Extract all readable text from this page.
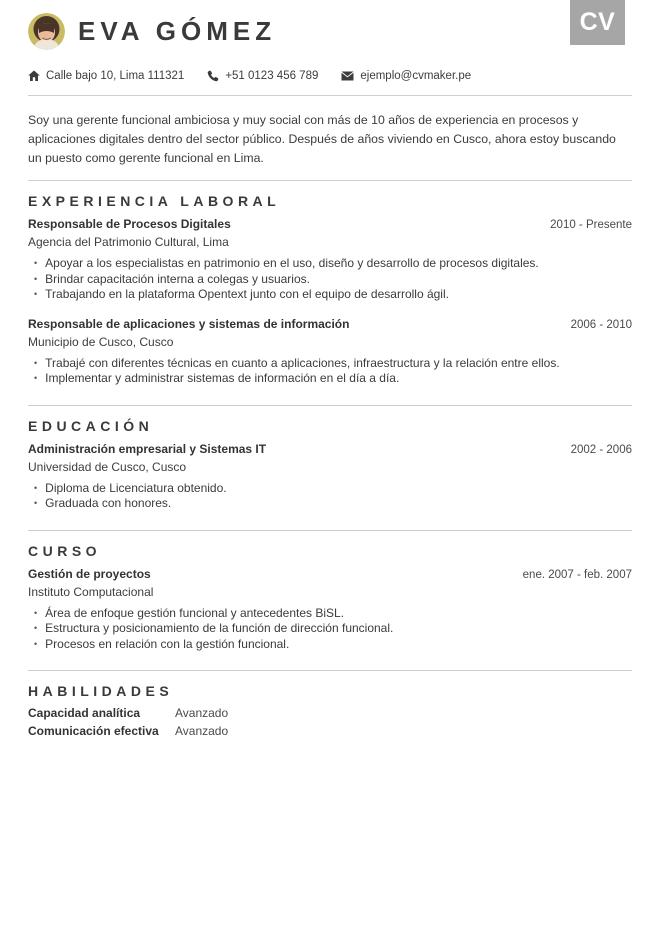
CV
EVA GÓMEZ
Calle bajo 10, Lima 111321	+51 0123 456 789	ejemplo@cvmaker.pe

Soy una gerente funcional ambiciosa y muy social con más de 10 años de experiencia en procesos y aplicaciones digitales dentro del sector público. Después de años viviendo en Cusco, ahora estoy buscando un puesto como gerente funcional en Lima.

EXPERIENCIA LABORAL
Responsable de Procesos Digitales	2010 - Presente
Agencia del Patrimonio Cultural, Lima
• Apoyar a los especialistas en patrimonio en el uso, diseño y desarrollo de procesos digitales.
• Brindar capacitación interna a colegas y usuarios.
• Trabajando en la plataforma Opentext junto con el equipo de desarrollo ágil.
Responsable de aplicaciones y sistemas de información	2006 - 2010
Municipio de Cusco, Cusco
• Trabajé con diferentes técnicas en cuanto a aplicaciones, infraestructura y la relación entre ellos.
• Implementar y administrar sistemas de información en el día a día.
EDUCACIÓN
Administración empresarial y Sistemas IT	2002 - 2006
Universidad de Cusco, Cusco
• Diploma de Licenciatura obtenido.
• Graduada con honores.
CURSO
Gestión de proyectos	ene. 2007 - feb. 2007
Instituto Computacional
• Área de enfoque gestión funcional y antecedentes BiSL.
• Estructura y posicionamiento de la función de dirección funcional.
• Procesos en relación con la gestión funcional.
HABILIDADES
Capacidad analítica	Avanzado
Comunicación efectiva	Avanzado
